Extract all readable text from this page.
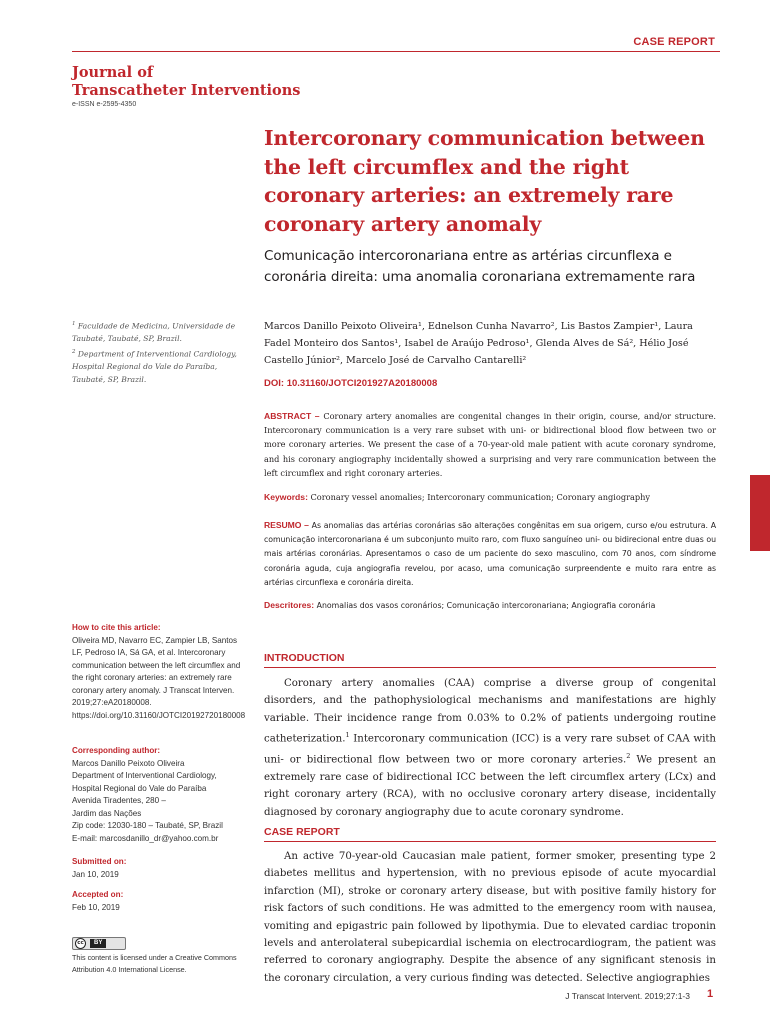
CASE REPORT
Journal of
Transcatheter Interventions
e-ISSN e-2595-4350
Intercoronary communication between the left circumflex and the right coronary arteries: an extremely rare coronary artery anomaly
Comunicação intercoronariana entre as artérias circunflexa e coronária direita: uma anomalia coronariana extremamente rara
$^1$ Faculdade de Medicina, Universidade de Taubaté, Taubaté, SP, Brazil.
$^2$ Department of Interventional Cardiology, Hospital Regional do Vale do Paraíba, Taubaté, SP, Brazil.
Marcos Danillo Peixoto Oliveira¹, Ednelson Cunha Navarro², Lis Bastos Zampier¹, Laura Fadel Monteiro dos Santos¹, Isabel de Araújo Pedroso¹, Glenda Alves de Sá², Hélio José Castello Júnior², Marcelo José de Carvalho Cantarelli²
DOI: 10.31160/JOTCI201927A20180008
ABSTRACT – Coronary artery anomalies are congenital changes in their origin, course, and/or structure. Intercoronary communication is a very rare subset with uni- or bidirectional blood flow between two or more coronary arteries. We present the case of a 70-year-old male patient with acute coronary syndrome, and his coronary angiography incidentally showed a surprising and very rare communication between the left circumflex and right coronary arteries.
Keywords: Coronary vessel anomalies; Intercoronary communication; Coronary angiography
RESUMO – As anomalias das artérias coronárias são alterações congênitas em sua origem, curso e/ou estrutura. A comunicação intercoronariana é um subconjunto muito raro, com fluxo sanguíneo uni- ou bidirecional entre duas ou mais artérias coronárias. Apresentamos o caso de um paciente do sexo masculino, com 70 anos, com síndrome coronária aguda, cuja angiografia revelou, por acaso, uma comunicação surpreendente e muito rara entre as artérias circunflexa e coronária direita.
Descritores: Anomalias dos vasos coronários; Comunicação intercoronariana; Angiografia coronária
INTRODUCTION
Coronary artery anomalies (CAA) comprise a diverse group of congenital disorders, and the pathophysiological mechanisms and manifestations are highly variable. Their incidence range from 0.03% to 0.2% of patients undergoing routine catheterization.$^1$ Intercoronary communication (ICC) is a very rare subset of CAA with uni- or bidirectional flow between two or more coronary arteries.$^2$ We present an extremely rare case of bidirectional ICC between the left circumflex artery (LCx) and right coronary artery (RCA), with no occlusive coronary artery disease, incidentally diagnosed by coronary angiography due to acute coronary syndrome.
CASE REPORT
An active 70-year-old Caucasian male patient, former smoker, presenting type 2 diabetes mellitus and hypertension, with no previous episode of acute myocardial infarction (MI), stroke or coronary artery disease, but with positive family history for risk factors of such conditions. He was admitted to the emergency room with nausea, vomiting and epigastric pain followed by lipothymia. Due to elevated cardiac troponin levels and anterolateral subepicardial ischemia on electrocardiogram, the patient was referred to coronary angiography. Despite the absence of any significant stenosis in the coronary circulation, a very curious finding was detected. Selective angiographies
How to cite this article:
Oliveira MD, Navarro EC, Zampier LB, Santos LF, Pedroso IA, Sá GA, et al. Intercoronary communication between the left circumflex and the right coronary arteries: an extremely rare coronary artery anomaly. J Transcat Interven. 2019;27:eA20180008. https://doi.org/10.31160/JOTCI20192720180008
Corresponding author:
Marcos Danillo Peixoto Oliveira
Department of Interventional Cardiology,
Hospital Regional do Vale do Paraíba
Avenida Tiradentes, 280 –
Jardim das Nações
Zip code: 12030-180 – Taubaté, SP, Brazil
E-mail: marcosdanillo_dr@yahoo.com.br
Submitted on:
Jan 10, 2019
Accepted on:
Feb 10, 2019
cc	BY
This content is licensed under a Creative Commons Attribution 4.0 International License.
J Transcat Intervent. 2019;27:1-3 1
